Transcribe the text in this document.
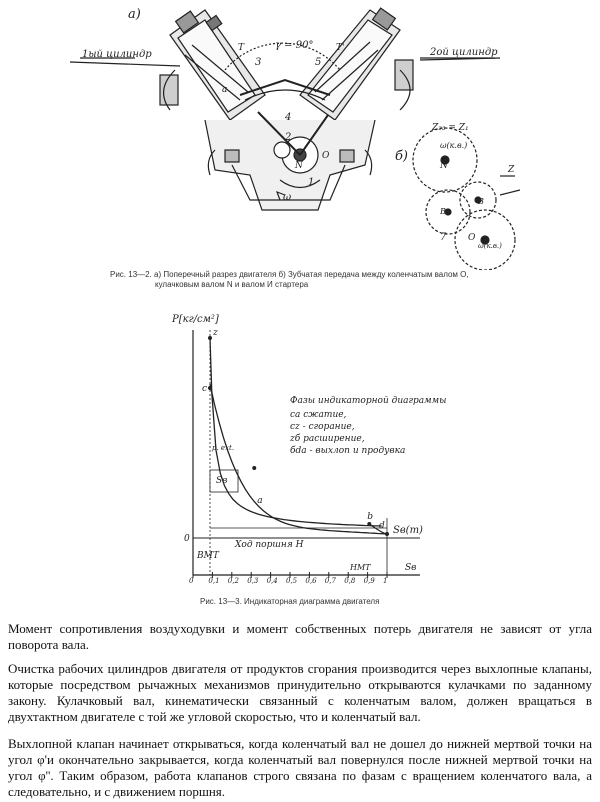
а)
б)
1ый цилиндр	2ой цилиндр
γ = 90°
3	5
T	T'
4
2
N
O
ω
1
a
Z₂₃ = Z₁
ω(к.в.)
N
B₃
7
Z
B
O
ω(к.в.)
Рис. 13—2. а) Поперечный разрез двигателя б) Зубчатая передача между коленчатым валом O,
кулачковым валом N и валом И стартера
0 0,1 0,2 0,3 0,4 0,5 0,6 0,7 0,8 0,9 1
z
c
b
d
a
р. ext.
P[кг/см²]
Sв(m)
Ход поршня H
ВМТ
НМТ	Sв
0
Sв
Фазы индикаторной диаграммы
са сжатие,
cz - сгорание,
zб расширение,
бda - выхлоп и продувка
Рис. 13—3. Индикаторная диаграмма двигателя

Момент сопротивления воздуходувки и момент собственных потерь двигателя не зависят от угла поворота вала.

Очистка рабочих цилиндров двигателя от продуктов сгорания производится через выхлопные клапаны, которые посредством рычажных механизмов принудительно открываются кулачками по заданному закону. Кулачковый вал, кинематически связанный с коленчатым валом, должен вращаться в двухтактном двигателе с той же угловой скоростью, что и коленчатый вал.

Выхлопной клапан начинает открываться, когда коленчатый вал не дошел до нижней мертвой точки на угол φ'и окончательно закрывается, когда коленчатый вал повернулся после нижней мертвой точки на угол φ''. Таким образом, работа клапанов строго связана по фазам с вращением коленчатого вала, а следовательно, и с движением поршня.
